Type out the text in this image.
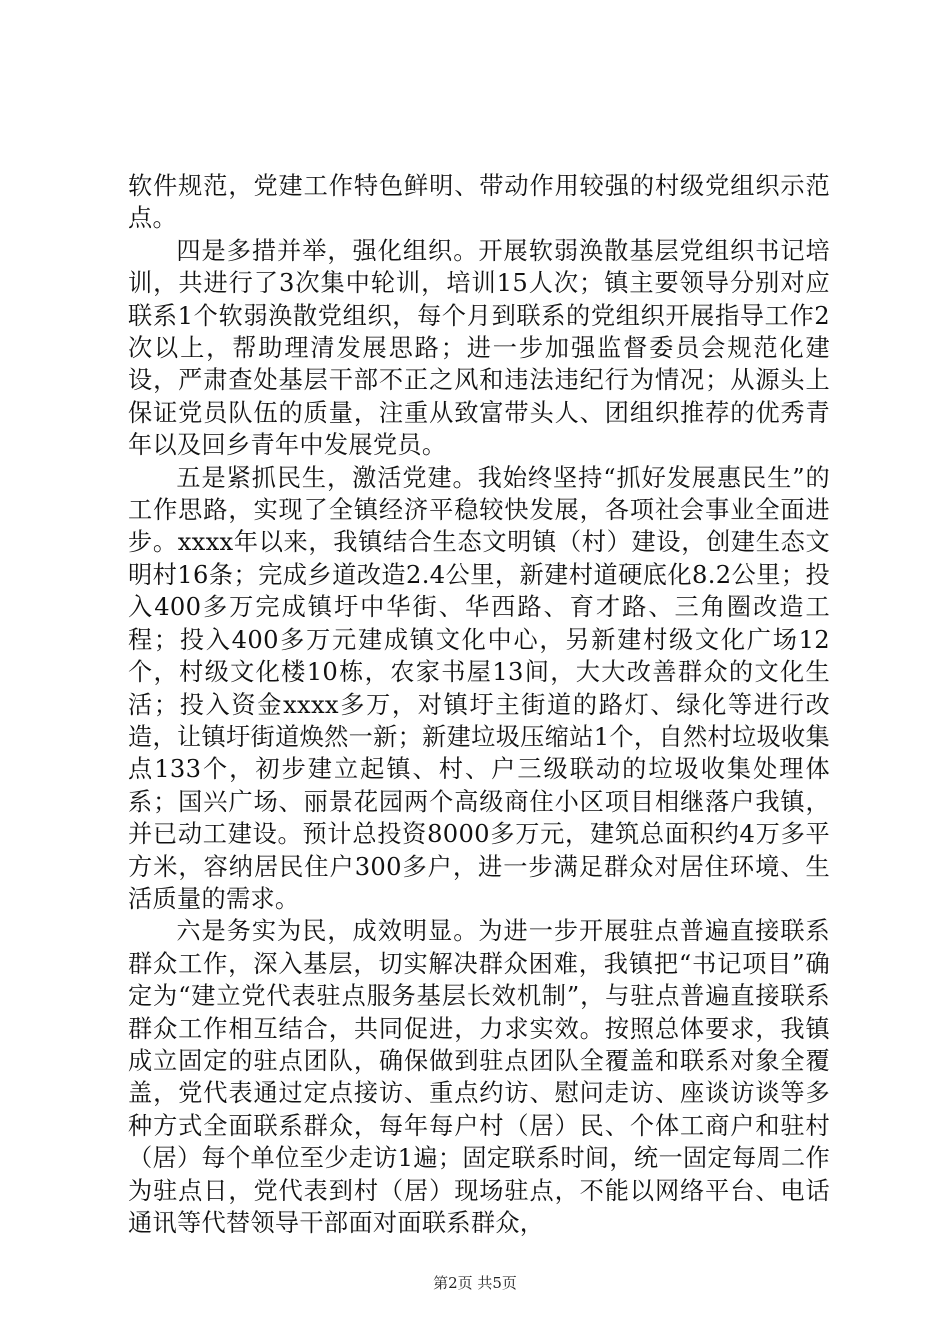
软件规范，党建工作特色鲜明、带动作用较强的村级党组织示范点。

四是多措并举，强化组织。开展软弱涣散基层党组织书记培训，共进行了3次集中轮训，培训15人次；镇主要领导分别对应联系1个软弱涣散党组织，每个月到联系的党组织开展指导工作2次以上，帮助理清发展思路；进一步加强监督委员会规范化建设，严肃查处基层干部不正之风和违法违纪行为情况；从源头上保证党员队伍的质量，注重从致富带头人、团组织推荐的优秀青年以及回乡青年中发展党员。

五是紧抓民生，激活党建。我始终坚持“抓好发展惠民生”的工作思路，实现了全镇经济平稳较快发展，各项社会事业全面进步。xxxx年以来，我镇结合生态文明镇（村）建设，创建生态文明村16条；完成乡道改造2.4公里，新建村道硬底化8.2公里；投入400多万完成镇圩中华街、华西路、育才路、三角圈改造工程；投入400多万元建成镇文化中心，另新建村级文化广场12个，村级文化楼10栋，农家书屋13间，大大改善群众的文化生活；投入资金xxxx多万，对镇圩主街道的路灯、绿化等进行改造，让镇圩街道焕然一新；新建垃圾压缩站1个，自然村垃圾收集点133个，初步建立起镇、村、户三级联动的垃圾收集处理体系；国兴广场、丽景花园两个高级商住小区项目相继落户我镇，并已动工建设。预计总投资8000多万元，建筑总面积约4万多平方米，容纳居民住户300多户，进一步满足群众对居住环境、生活质量的需求。

六是务实为民，成效明显。为进一步开展驻点普遍直接联系群众工作，深入基层，切实解决群众困难，我镇把“书记项目”确定为“建立党代表驻点服务基层长效机制”，与驻点普遍直接联系群众工作相互结合，共同促进，力求实效。按照总体要求，我镇成立固定的驻点团队，确保做到驻点团队全覆盖和联系对象全覆盖，党代表通过定点接访、重点约访、慰问走访、座谈访谈等多种方式全面联系群众，每年每户村（居）民、个体工商户和驻村（居）每个单位至少走访1遍；固定联系时间，统一固定每周二作为驻点日，党代表到村（居）现场驻点，不能以网络平台、电话通讯等代替领导干部面对面联系群众，

第2页 共5页
